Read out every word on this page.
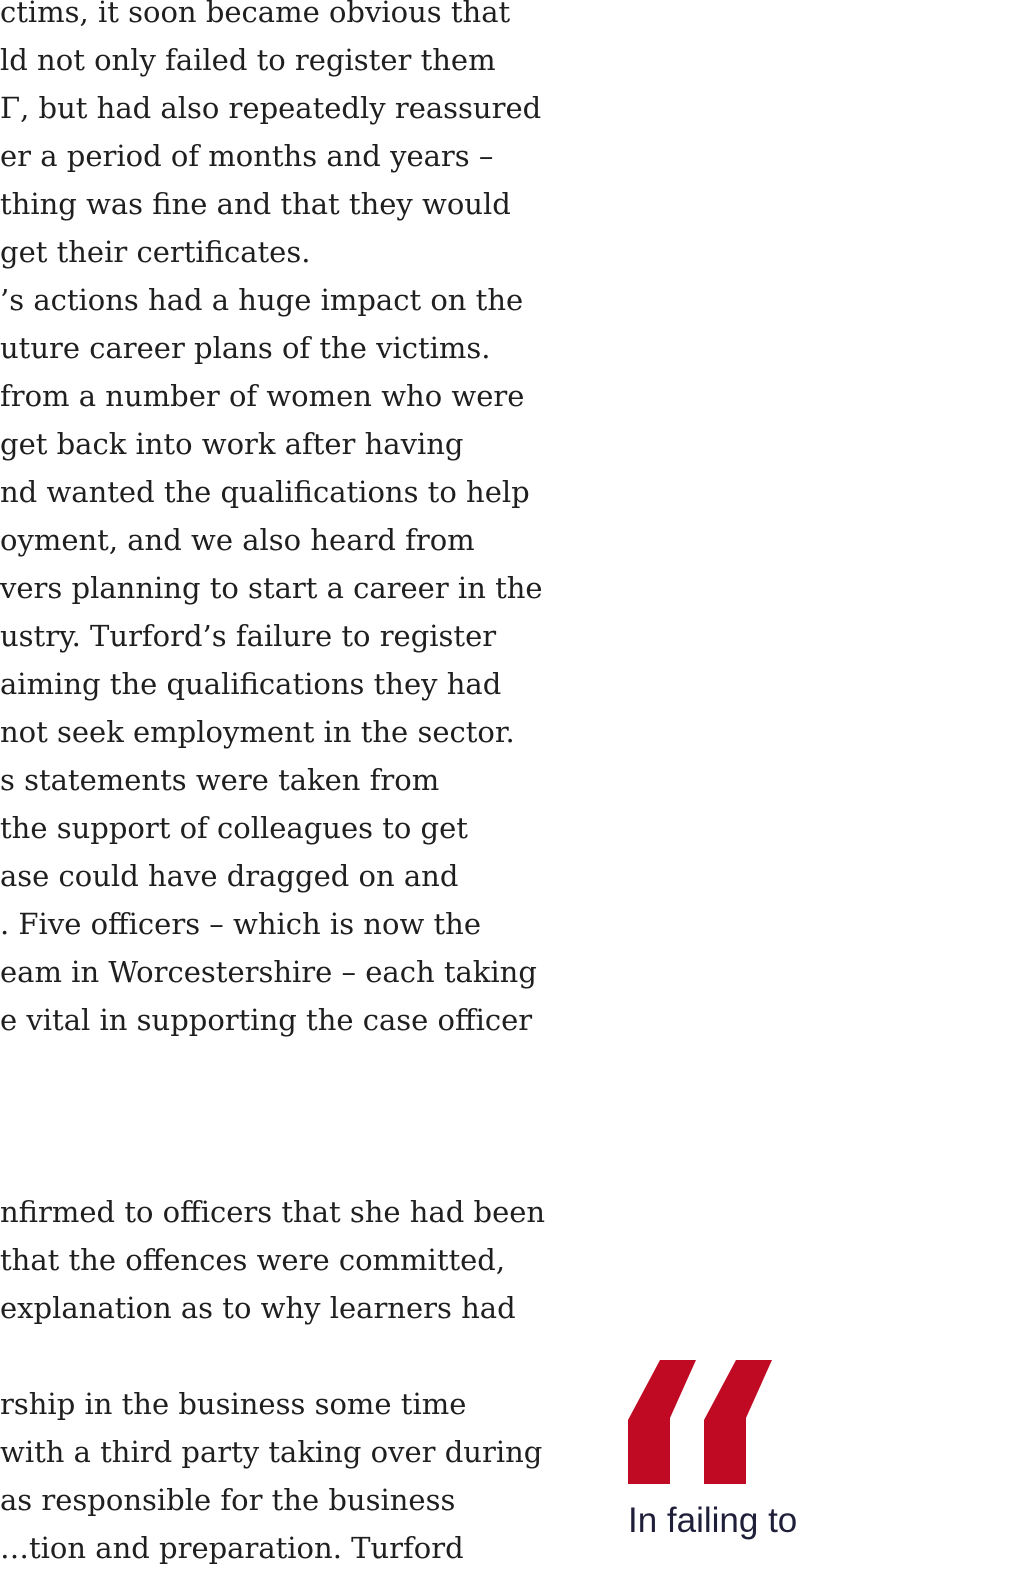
ctims, it soon became obvious that
ld not only failed to register them
Γ, but had also repeatedly reassured
er a period of months and years –
thing was fine and that they would
get their certificates.
’s actions had a huge impact on the
uture career plans of the victims.
from a number of women who were
get back into work after having
nd wanted the qualifications to help
oyment, and we also heard from
vers planning to start a career in the
ustry. Turford’s failure to register
aiming the qualifications they had
not seek employment in the sector.
s statements were taken from
the support of colleagues to get
ase could have dragged on and
. Five officers – which is now the
eam in Worcestershire – each taking
e vital in supporting the case officer
nfirmed to officers that she had been
that the offences were committed,
explanation as to why learners had
rship in the business some time
with a third party taking over during
as responsible for the business
…tion and preparation. Turford
In failing to
